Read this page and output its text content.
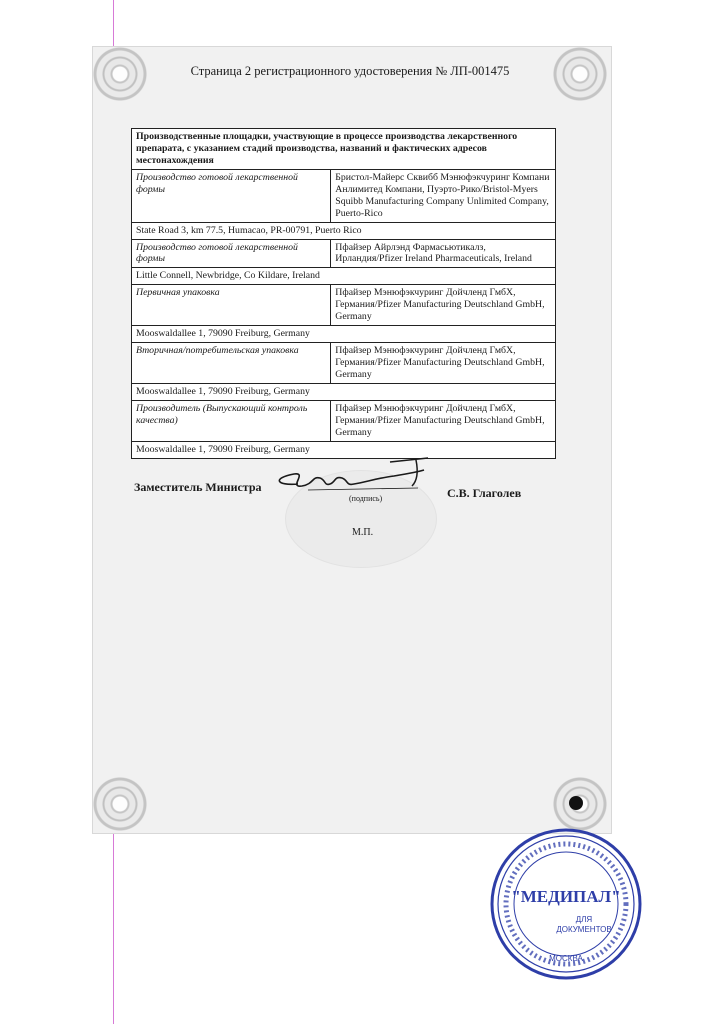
Страница 2 регистрационного удостоверения № ЛП-001475
Производственные площадки, участвующие в процессе производства лекарственного препарата, с указанием стадий производства, названий и фактических адресов местонахождения	
Производство готовой лекарственной формы	Бристол-Майерс Сквибб Мэнюфэкчуринг Компани Анлимитед Компани, Пуэрто-Рико/Bristol-Myers Squibb Manufacturing Company Unlimited Company, Puerto-Rico
State Road 3, km 77.5, Humacao, PR-00791, Puerto Rico	
Производство готовой лекарственной формы	Пфайзер Айрлэнд Фармасьютикалз, Ирландия/Pfizer Ireland Pharmaceuticals, Ireland
Little Connell, Newbridge, Co Kildare, Ireland	
Первичная упаковка	Пфайзер Мэнюфэкчуринг Дойчленд ГмбХ, Германия/Pfizer Manufacturing Deutschland GmbH, Germany
Mooswaldallee 1, 79090 Freiburg, Germany	
Вторичная/потребительская упаковка	Пфайзер Мэнюфэкчуринг Дойчленд ГмбХ, Германия/Pfizer Manufacturing Deutschland GmbH, Germany
Mooswaldallee 1, 79090 Freiburg, Germany	
Производитель (Выпускающий контроль качества)	Пфайзер Мэнюфэкчуринг Дойчленд ГмбХ, Германия/Pfizer Manufacturing Deutschland GmbH, Germany
Mooswaldallee 1, 79090 Freiburg, Germany	
Заместитель Министра
(подпись)	С.В. Глаголев
М.П.
"МЕДИПАЛ"
ДЛЯ
ДОКУМЕНТОВ
МОСКВА
